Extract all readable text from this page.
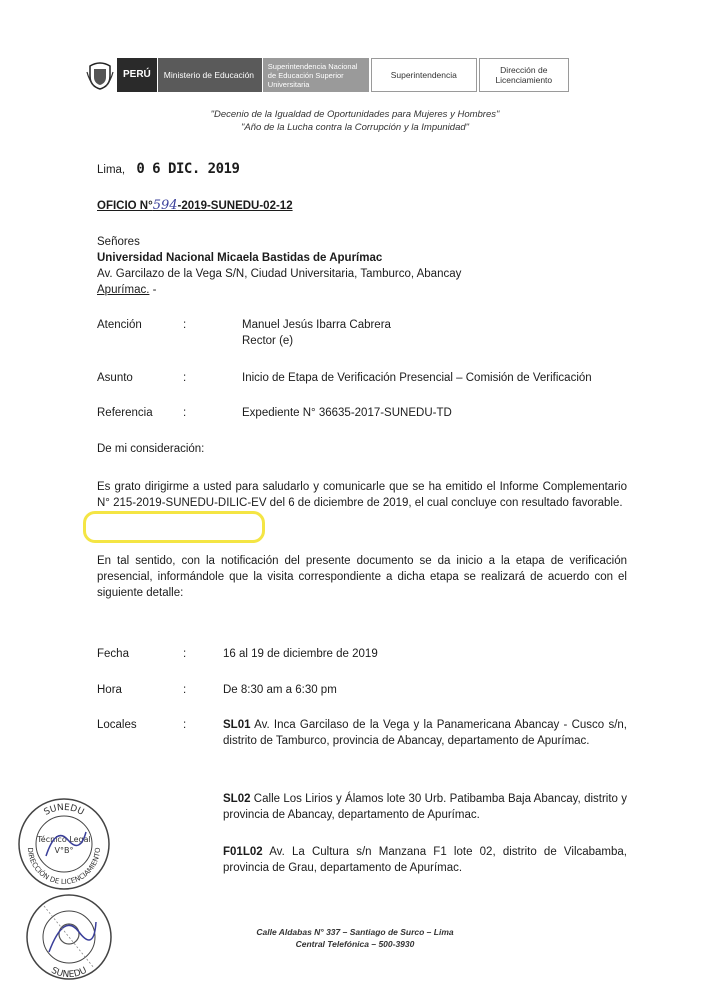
PERÚ	Ministerio de Educación
Superintendencia Nacional de Educación Superior Universitaria
Superintendencia	Dirección de Licenciamiento
"Decenio de la Igualdad de Oportunidades para Mujeres y Hombres"
"Año de la Lucha contra la Corrupción y la Impunidad"
Lima, 0 6 DIC. 2019
OFICIO N°594-2019-SUNEDU-02-12
Señores
Universidad Nacional Micaela Bastidas de Apurímac
Av. Garcilazo de la Vega S/N, Ciudad Universitaria, Tamburco, Abancay
Apurímac. -
Atención	:	Manuel Jesús Ibarra Cabrera
Rector (e)
Asunto	:	Inicio de Etapa de Verificación Presencial – Comisión de Verificación
Referencia	:	Expediente N° 36635-2017-SUNEDU-TD
De mi consideración:
Es grato dirigirme a usted para saludarlo y comunicarle que se ha emitido el Informe Complementario N° 215-2019-SUNEDU-DILIC-EV del 6 de diciembre de 2019, el cual concluye con resultado favorable.
En tal sentido, con la notificación del presente documento se da inicio a la etapa de verificación presencial, informándole que la visita correspondiente a dicha etapa se realizará de acuerdo con el siguiente detalle:
Fecha	:	16 al 19 de diciembre de 2019
Hora	:	De 8:30 am a 6:30 pm
Locales	:	SL01 Av. Inca Garcilaso de la Vega y la Panamericana Abancay - Cusco s/n, distrito de Tamburco, provincia de Abancay, departamento de Apurímac.
SL02 Calle Los Lirios y Álamos lote 30 Urb. Patibamba Baja Abancay, distrito y provincia de Abancay, departamento de Apurímac.
F01L02 Av. La Cultura s/n Manzana F1 lote 02, distrito de Vilcabamba, provincia de Grau, departamento de Apurímac.
SUNEDU
DIRECCIÓN DE LICENCIAMIENTO
Técnico Legal
V°B°
SUNEDU
Calle Aldabas N° 337 – Santiago de Surco – Lima
Central Telefónica – 500-3930
